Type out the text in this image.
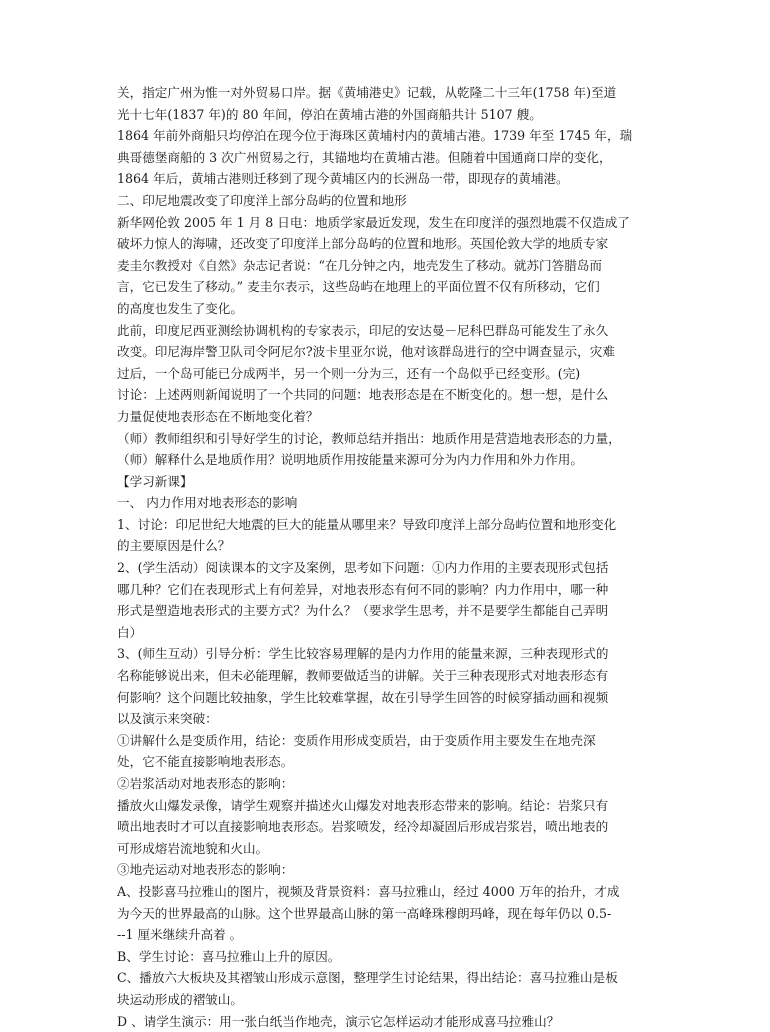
关，指定广州为惟一对外贸易口岸。据《黄埔港史》记载，从乾隆二十三年(1758 年)至道
光十七年(1837 年)的 80 年间，停泊在黄埔古港的外国商船共计 5107 艘。
1864 年前外商船只均停泊在现今位于海珠区黄埔村内的黄埔古港。1739 年至 1745 年，瑞
典哥德堡商船的 3 次广州贸易之行，其锚地均在黄埔古港。但随着中国通商口岸的变化，
1864 年后，黄埔古港则迁移到了现今黄埔区内的长洲岛一带，即现存的黄埔港。
二、印尼地震改变了印度洋上部分岛屿的位置和地形
新华网伦敦 2005 年 1 月 8 日电：地质学家最近发现，发生在印度洋的强烈地震不仅造成了
破坏力惊人的海啸，还改变了印度洋上部分岛屿的位置和地形。英国伦敦大学的地质专家
麦圭尔教授对《自然》杂志记者说：“在几分钟之内，地壳发生了移动。就苏门答腊岛而
言，它已发生了移动。” 麦圭尔表示，这些岛屿在地理上的平面位置不仅有所移动，它们
的高度也发生了变化。
此前，印度尼西亚测绘协调机构的专家表示，印尼的安达曼－尼科巴群岛可能发生了永久
改变。印尼海岸警卫队司令阿尼尔?波卡里亚尔说，他对该群岛进行的空中调查显示，灾难
过后，一个岛可能已分成两半，另一个则一分为三，还有一个岛似乎已经变形。(完)
讨论：上述两则新闻说明了一个共同的问题：地表形态是在不断变化的。想一想，是什么
力量促使地表形态在不断地变化着？
（师）教师组织和引导好学生的讨论，教师总结并指出：地质作用是营造地表形态的力量，
（师）解释什么是地质作用？说明地质作用按能量来源可分为内力作用和外力作用。
【学习新课】
一、 内力作用对地表形态的影响
1、讨论：印尼世纪大地震的巨大的能量从哪里来？导致印度洋上部分岛屿位置和地形变化
的主要原因是什么？
2、(学生活动）阅读课本的文字及案例，思考如下问题：①内力作用的主要表现形式包括
哪几种？它们在表现形式上有何差异，对地表形态有何不同的影响？内力作用中，哪一种
形式是塑造地表形式的主要方式？为什么？（要求学生思考，并不是要学生都能自己弄明
白）
3、(师生互动）引导分析：学生比较容易理解的是内力作用的能量来源，三种表现形式的
名称能够说出来，但未必能理解，教师要做适当的讲解。关于三种表现形式对地表形态有
何影响？这个问题比较抽象，学生比较难掌握，故在引导学生回答的时候穿插动画和视频
以及演示来突破：
①讲解什么是变质作用，结论：变质作用形成变质岩，由于变质作用主要发生在地壳深
处，它不能直接影响地表形态。
②岩浆活动对地表形态的影响：
播放火山爆发录像，请学生观察并描述火山爆发对地表形态带来的影响。结论：岩浆只有
喷出地表时才可以直接影响地表形态。岩浆喷发，经冷却凝固后形成岩浆岩，喷出地表的
可形成熔岩流地貌和火山。
③地壳运动对地表形态的影响：
A、投影喜马拉雅山的图片，视频及背景资料：喜马拉雅山，经过 4000 万年的抬升，才成
为今天的世界最高的山脉。这个世界最高山脉的第一高峰珠穆朗玛峰，现在每年仍以 0.5-
--1 厘米继续升高着 。
B、学生讨论：喜马拉雅山上升的原因。
C、播放六大板块及其褶皱山形成示意图，整理学生讨论结果，得出结论：喜马拉雅山是板
块运动形成的褶皱山。
D 、请学生演示：用一张白纸当作地壳，演示它怎样运动才能形成喜马拉雅山？
